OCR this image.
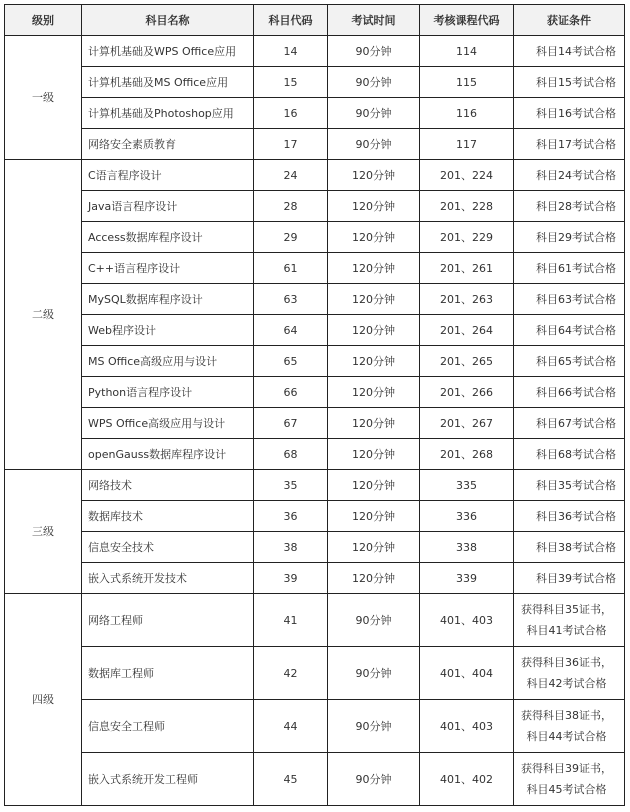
级别	科目名称	科目代码	考试时间	考核课程代码	获证条件
一级	计算机基础及WPS Office应用	14	90分钟	114	科目14考试合格

	计算机基础及MS Office应用	15	90分钟	115	科目15考试合格

	计算机基础及Photoshop应用	16	90分钟	116	科目16考试合格

	网络安全素质教育	17	90分钟	117	科目17考试合格

二级	C语言程序设计	24	120分钟	201、224	科目24考试合格

	Java语言程序设计	28	120分钟	201、228	科目28考试合格

	Access数据库程序设计	29	120分钟	201、229	科目29考试合格

	C++语言程序设计	61	120分钟	201、261	科目61考试合格

	MySQL数据库程序设计	63	120分钟	201、263	科目63考试合格

	Web程序设计	64	120分钟	201、264	科目64考试合格

	MS Office高级应用与设计	65	120分钟	201、265	科目65考试合格

	Python语言程序设计	66	120分钟	201、266	科目66考试合格

	WPS Office高级应用与设计	67	120分钟	201、267	科目67考试合格

	openGauss数据库程序设计	68	120分钟	201、268	科目68考试合格

三级	网络技术	35	120分钟	335	科目35考试合格

	数据库技术	36	120分钟	336	科目36考试合格

	信息安全技术	38	120分钟	338	科目38考试合格

	嵌入式系统开发技术	39	120分钟	339	科目39考试合格

四级	网络工程师	41	90分钟	401、403	获得科目35证书，
科目41考试合格

	数据库工程师	42	90分钟	401、404	获得科目36证书，
科目42考试合格

	信息安全工程师	44	90分钟	401、403	获得科目38证书，
科目44考试合格

	嵌入式系统开发工程师	45	90分钟	401、402	获得科目39证书，
科目45考试合格
